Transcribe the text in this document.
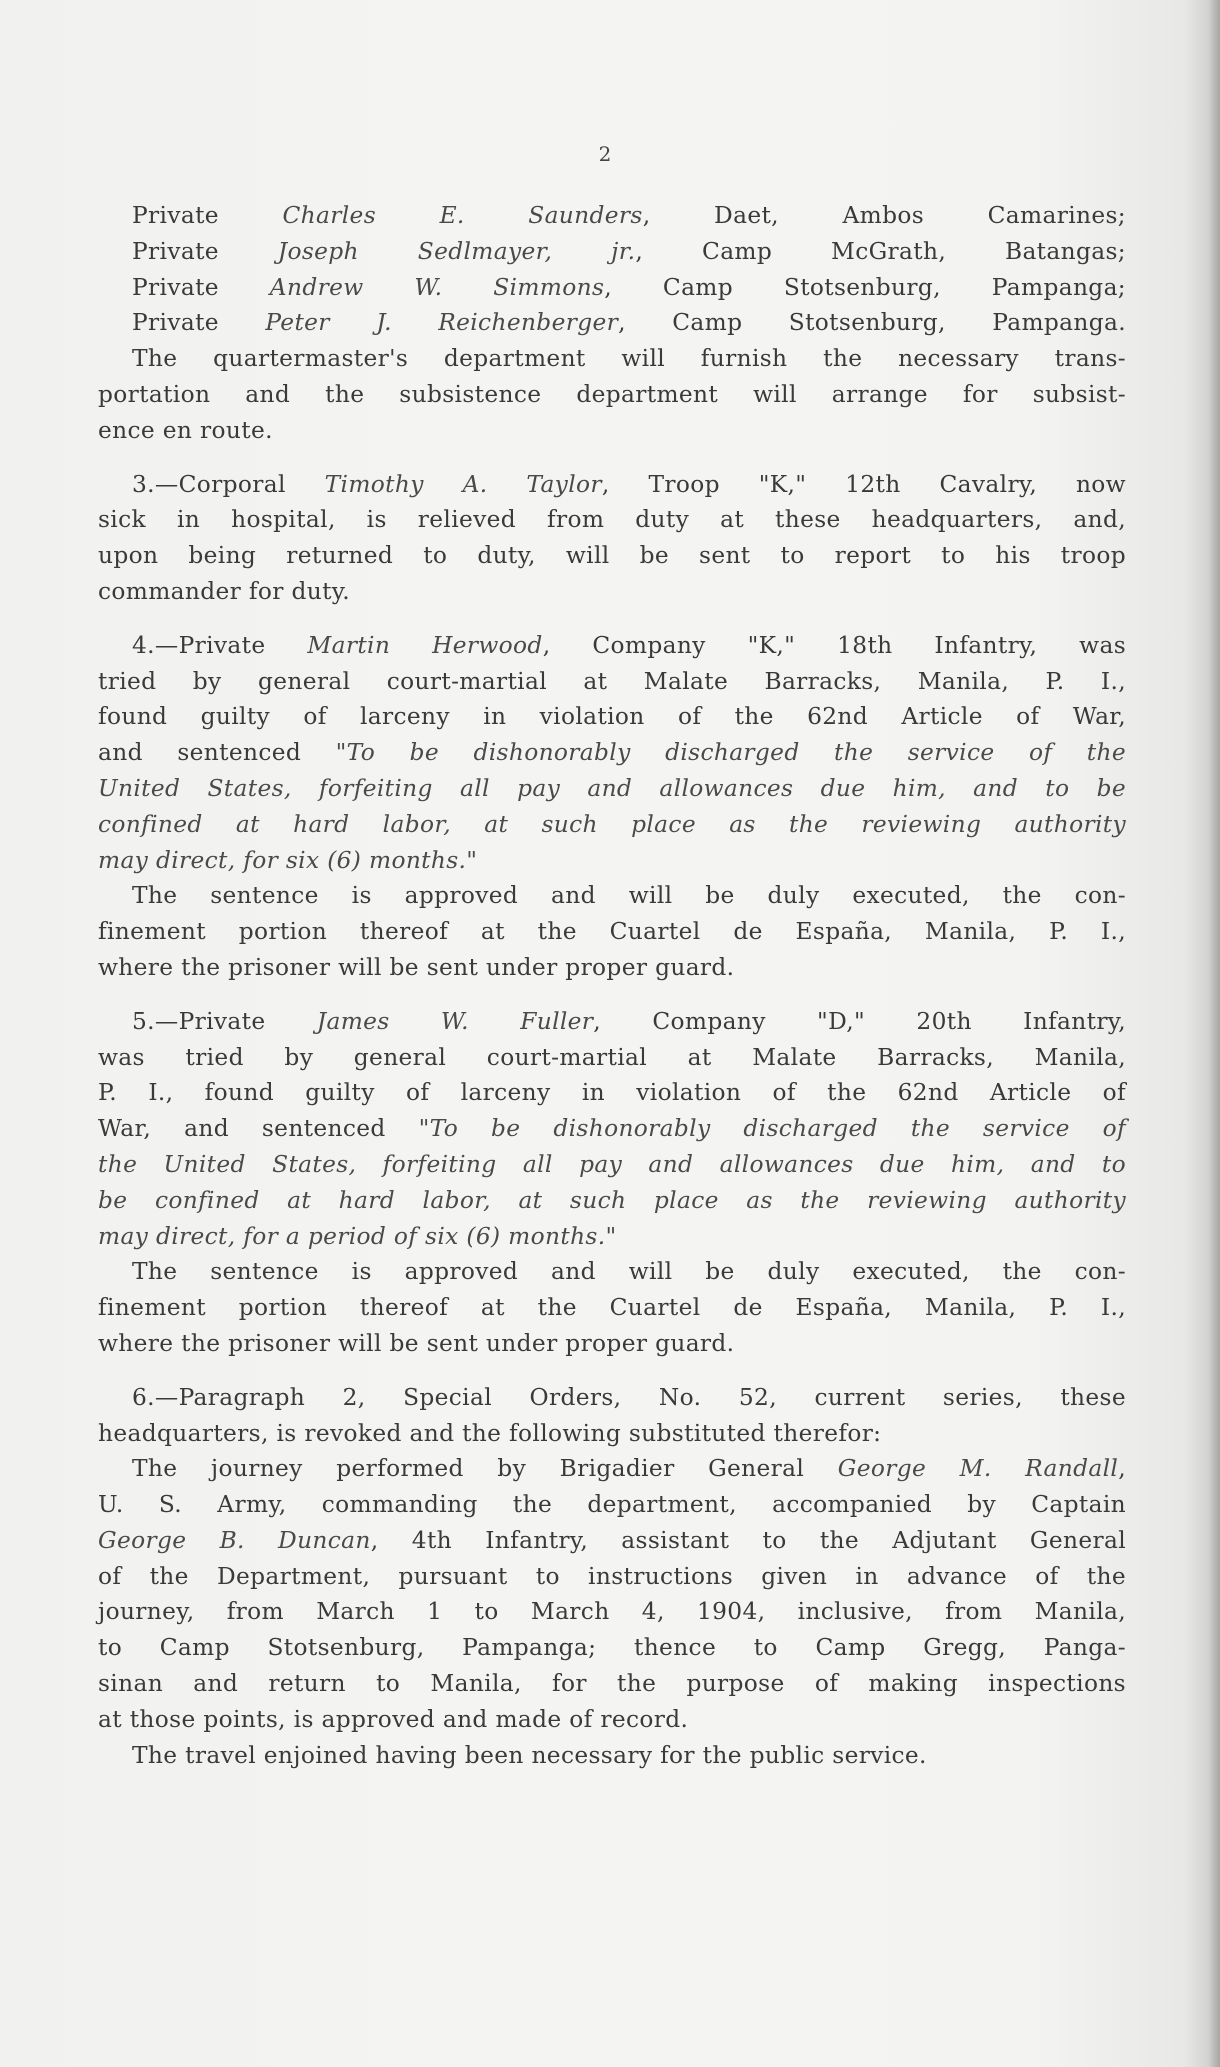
2

Private Charles E. Saunders, Daet, Ambos Camarines;
Private Joseph Sedlmayer, jr., Camp McGrath, Batangas;
Private Andrew W. Simmons, Camp Stotsenburg, Pampanga;
Private Peter J. Reichenberger, Camp Stotsenburg, Pampanga.
The quartermaster's department will furnish the necessary trans-
portation and the subsistence department will arrange for subsist-
ence en route.

3.—Corporal Timothy A. Taylor, Troop "K," 12th Cavalry, now
sick in hospital, is relieved from duty at these headquarters, and,
upon being returned to duty, will be sent to report to his troop
commander for duty.

4.—Private Martin Herwood, Company "K," 18th Infantry, was
tried by general court-martial at Malate Barracks, Manila, P. I.,
found guilty of larceny in violation of the 62nd Article of War,
and sentenced "To be dishonorably discharged the service of the
United States, forfeiting all pay and allowances due him, and to be
confined at hard labor, at such place as the reviewing authority
may direct, for six (6) months."
The sentence is approved and will be duly executed, the con-
finement portion thereof at the Cuartel de España, Manila, P. I.,
where the prisoner will be sent under proper guard.

5.—Private James W. Fuller, Company "D," 20th Infantry,
was tried by general court-martial at Malate Barracks, Manila,
P. I., found guilty of larceny in violation of the 62nd Article of
War, and sentenced "To be dishonorably discharged the service of
the United States, forfeiting all pay and allowances due him, and to
be confined at hard labor, at such place as the reviewing authority
may direct, for a period of six (6) months."
The sentence is approved and will be duly executed, the con-
finement portion thereof at the Cuartel de España, Manila, P. I.,
where the prisoner will be sent under proper guard.

6.—Paragraph 2, Special Orders, No. 52, current series, these
headquarters, is revoked and the following substituted therefor:
The journey performed by Brigadier General George M. Randall,
U. S. Army, commanding the department, accompanied by Captain
George B. Duncan, 4th Infantry, assistant to the Adjutant General
of the Department, pursuant to instructions given in advance of the
journey, from March 1 to March 4, 1904, inclusive, from Manila,
to Camp Stotsenburg, Pampanga; thence to Camp Gregg, Panga-
sinan and return to Manila, for the purpose of making inspections
at those points, is approved and made of record.
The travel enjoined having been necessary for the public service.
